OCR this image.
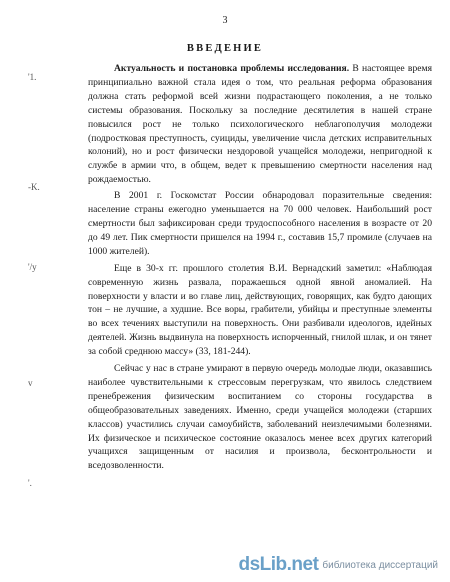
3
ВВЕДЕНИЕ
'1.
-K.
'/y
v
'.

Актуальность и постановка проблемы исследования. В настоящее время принципиально важной стала идея о том, что реальная реформа образования должна стать реформой всей жизни подрастающего поколения, а не только системы образования. Поскольку за последние десятилетия в нашей стране повысился рост не только психологического неблагополучия молодежи (подростковая преступность, суициды, увеличение числа детских исправительных колоний), но и рост физически нездоровой учащейся молодежи, непригодной к службе в армии что, в общем, ведет к превышению смертности населения над рождаемостью.

В 2001 г. Госкомстат России обнародовал поразительные сведения: население страны ежегодно уменьшается на 70 000 человек. Наибольший рост смертности был зафиксирован среди трудоспособного населения в возрасте от 20 до 49 лет. Пик смертности пришелся на 1994 г., составив 15,7 промиле (случаев на 1000 жителей).

Еще в 30-х гг. прошлого столетия В.И. Вернадский заметил: «Наблюдая современную жизнь развала, поражаешься одной явной аномалией. На поверхности у власти и во главе лиц, действующих, говорящих, как будто дающих тон – не лучшие, а худшие. Все воры, грабители, убийцы и преступные элементы во всех течениях выступили на поверхность. Они разбивали идеологов, идейных деятелей. Жизнь выдвинула на поверхность испорченный, гнилой шлак, и он тянет за собой среднюю массу» (33, 181-244).

Сейчас у нас в стране умирают в первую очередь молодые люди, оказавшись наиболее чувствительными к стрессовым перегрузкам, что явилось следствием пренебрежения физическим воспитанием со стороны государства в общеобразовательных заведениях. Именно, среди учащейся молодежи (старших классов) участились случаи самоубийств, заболеваний неизлечимыми болезнями. Их физическое и психическое состояние оказалось менее всех других категорий учащихся защищенным от насилия и произвола, бесконтрольности и вседозволенности.

dsLib.net библиотека диссертаций
